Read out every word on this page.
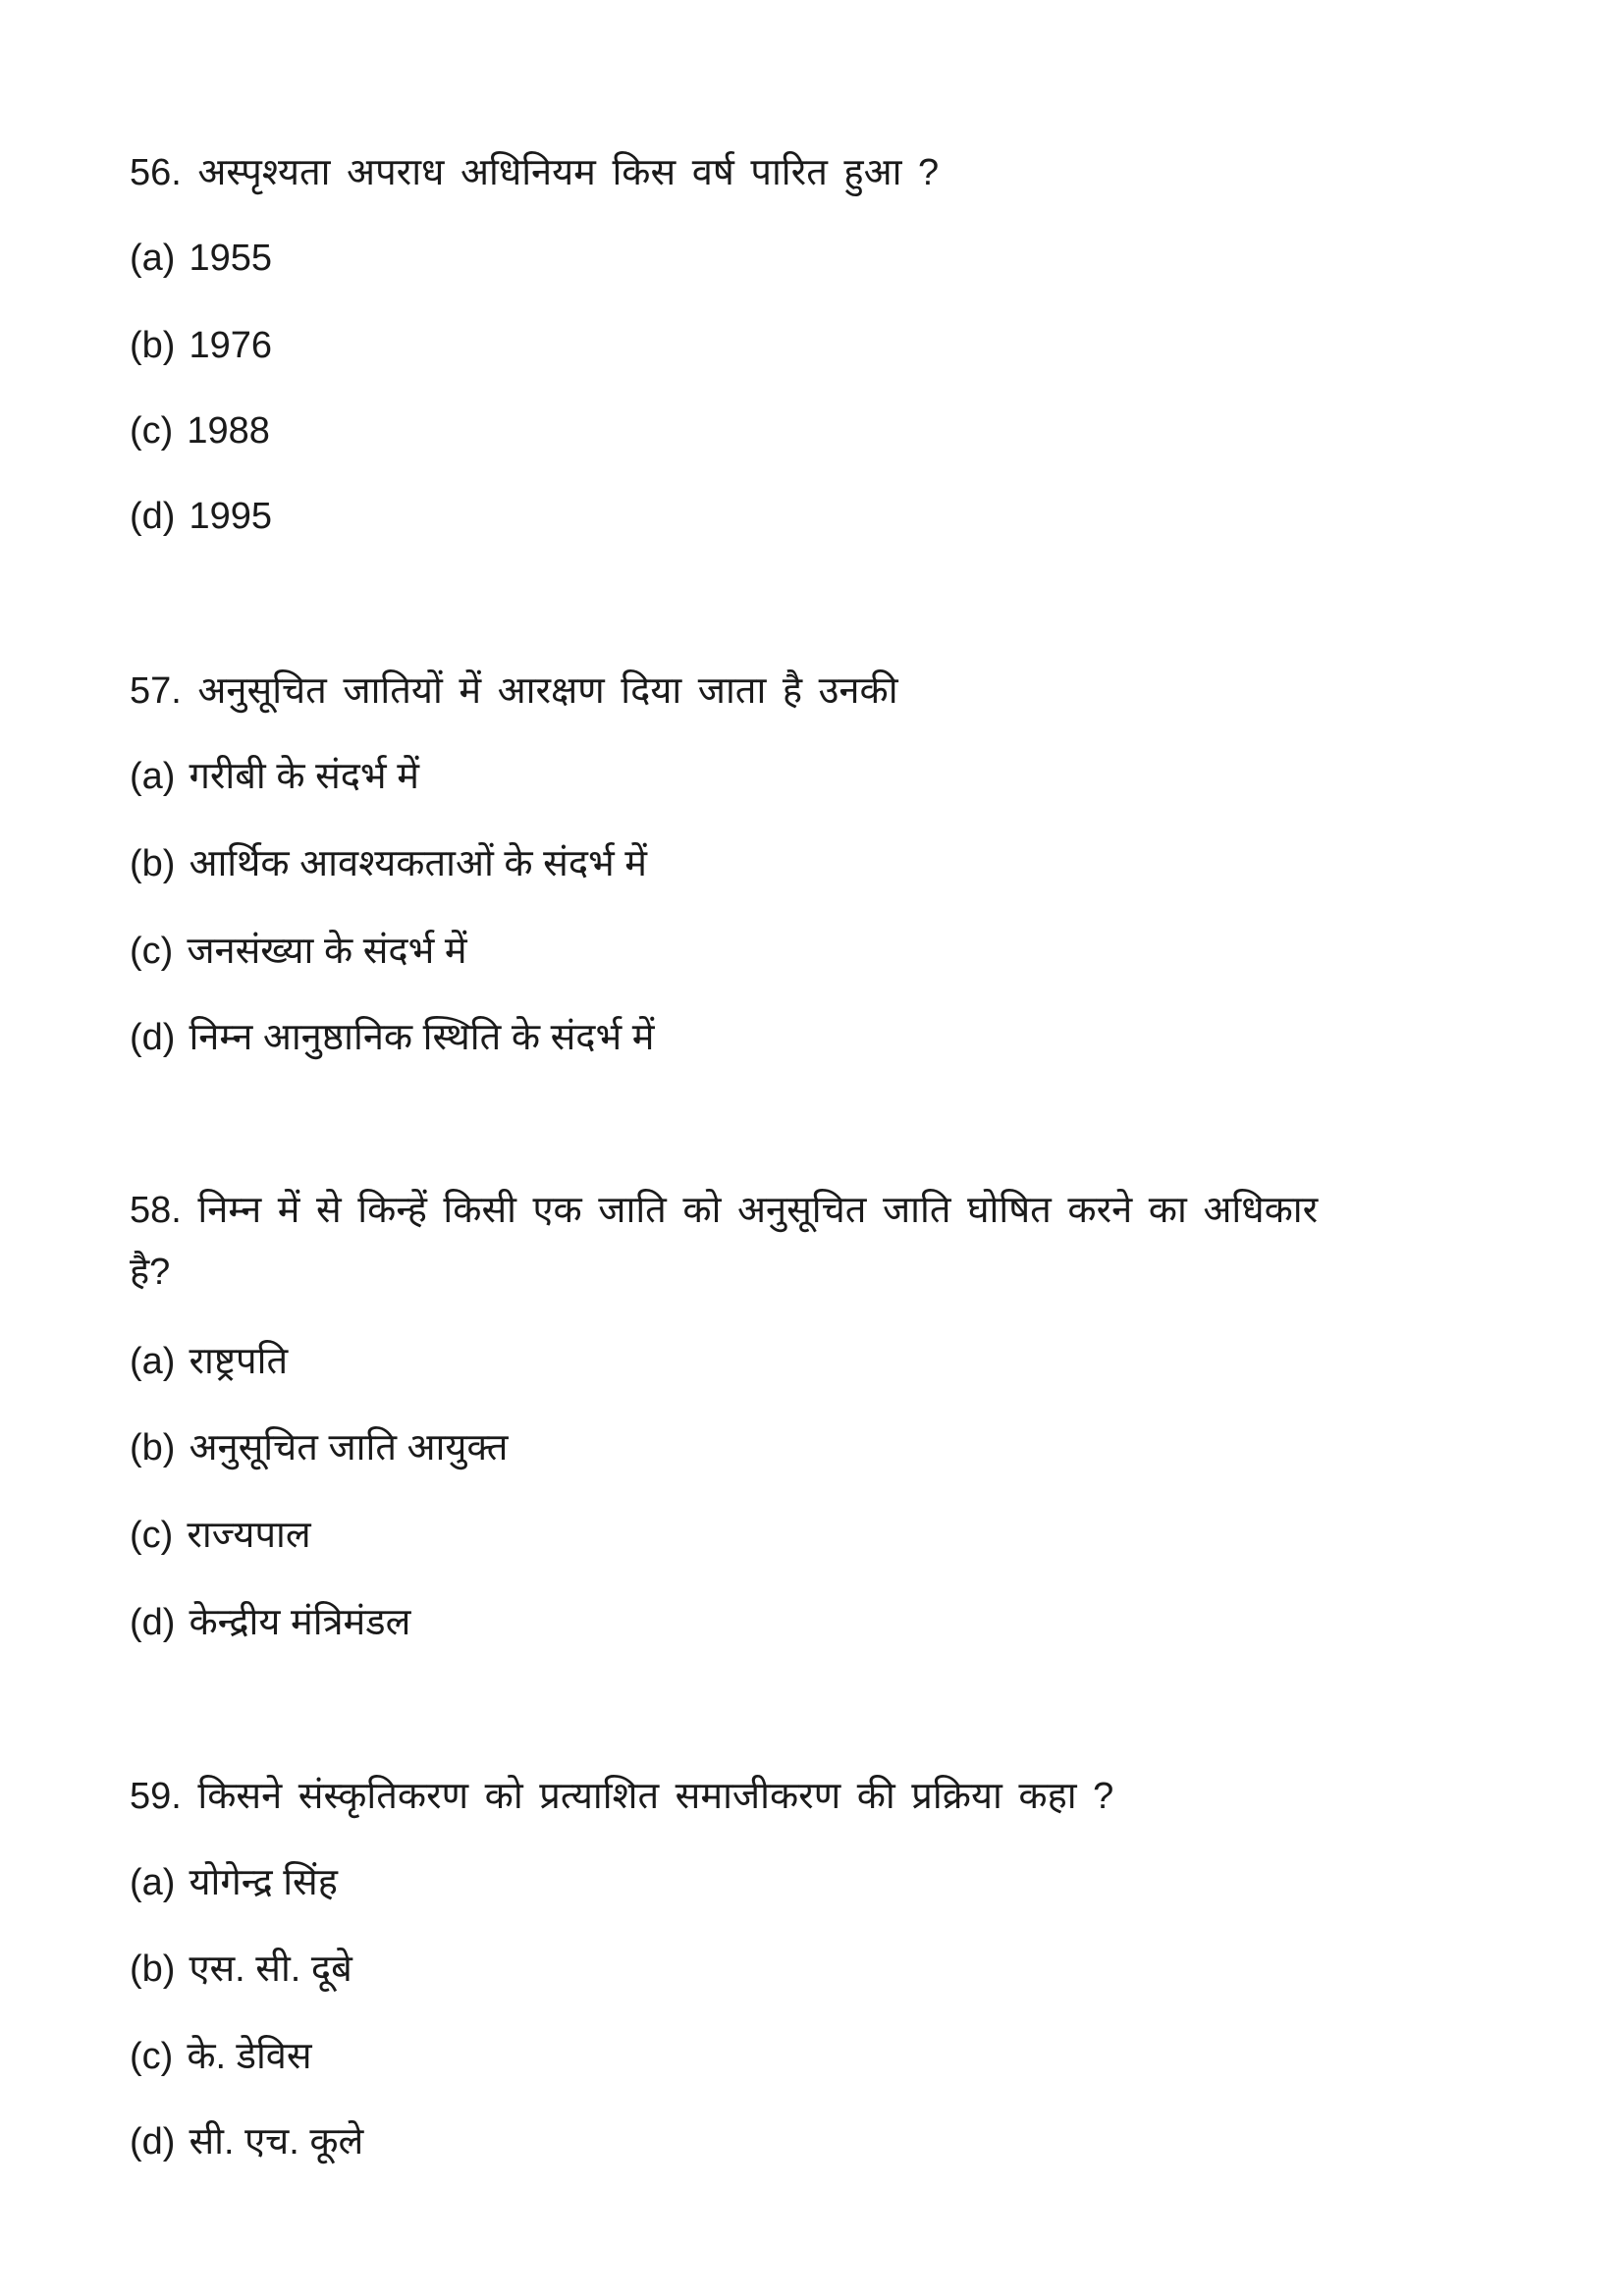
56. अस्पृश्यता अपराध अधिनियम किस वर्ष पारित हुआ ?
(a) 1955
(b) 1976
(c) 1988
(d) 1995
57. अनुसूचित जातियों में आरक्षण दिया जाता है उनकी
(a) गरीबी के संदर्भ में
(b) आर्थिक आवश्यकताओं के संदर्भ में
(c) जनसंख्या के संदर्भ में
(d) निम्न आनुष्ठानिक स्थिति के संदर्भ में
58. निम्न में से किन्हें किसी एक जाति को अनुसूचित जाति घोषित करने का अधिकार
है?
(a) राष्ट्रपति
(b) अनुसूचित जाति आयुक्त
(c) राज्यपाल
(d) केन्द्रीय मंत्रिमंडल
59. किसने संस्कृतिकरण को प्रत्याशित समाजीकरण की प्रक्रिया कहा ?
(a) योगेन्द्र सिंह
(b) एस. सी. दूबे
(c) के. डेविस
(d) सी. एच. कूले
